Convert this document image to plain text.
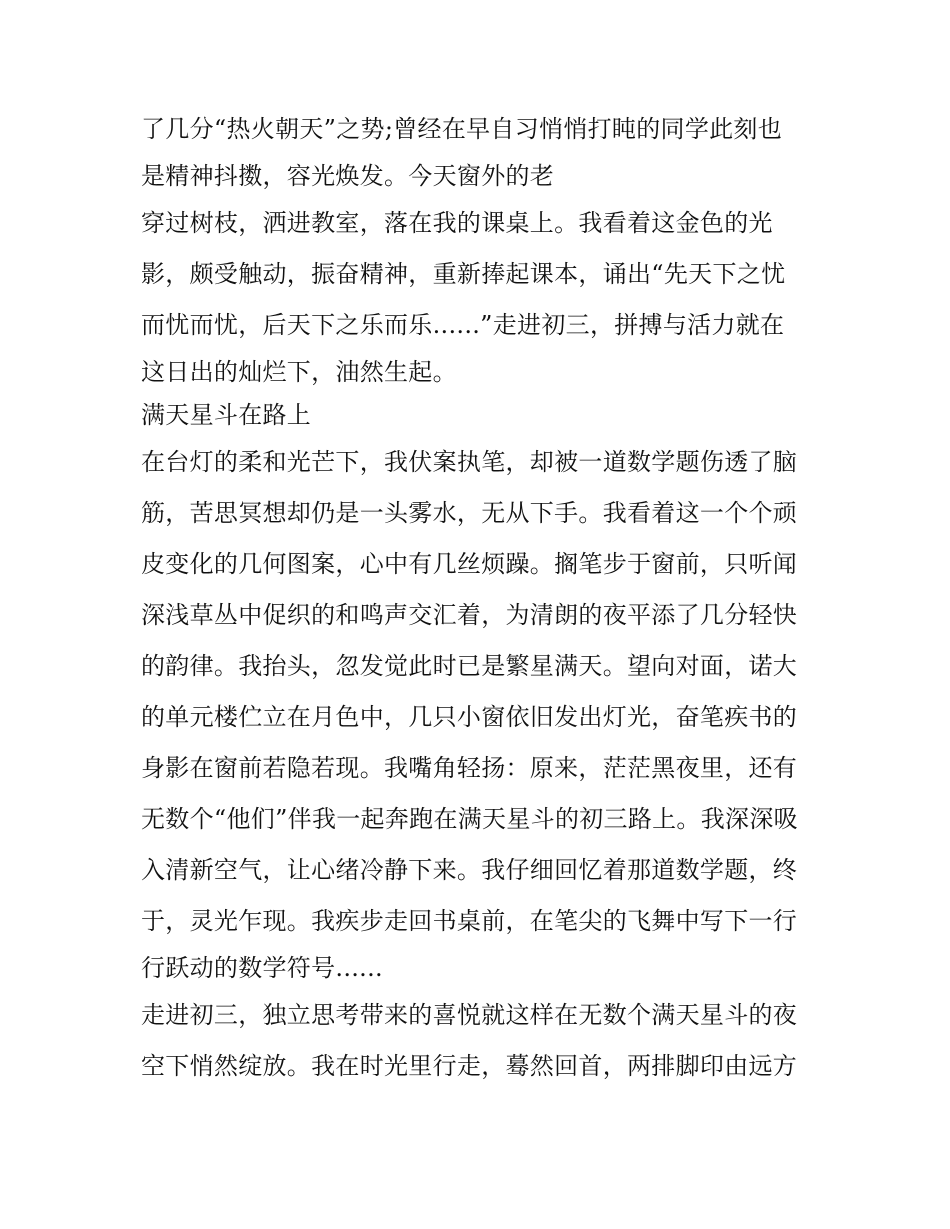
了几分“热火朝天”之势;曾经在早自习悄悄打盹的同学此刻也
是精神抖擞，容光焕发。今天窗外的老
穿过树枝，洒进教室，落在我的课桌上。我看着这金色的光
影，颇受触动，振奋精神，重新捧起课本，诵出“先天下之忧
而忧而忧，后天下之乐而乐......”走进初三，拼搏与活力就在
这日出的灿烂下，油然生起。
满天星斗在路上
在台灯的柔和光芒下，我伏案执笔，却被一道数学题伤透了脑
筋，苦思冥想却仍是一头雾水，无从下手。我看着这一个个顽
皮变化的几何图案，心中有几丝烦躁。搁笔步于窗前，只听闻
深浅草丛中促织的和鸣声交汇着，为清朗的夜平添了几分轻快
的韵律。我抬头，忽发觉此时已是繁星满天。望向对面，诺大
的单元楼伫立在月色中，几只小窗依旧发出灯光，奋笔疾书的
身影在窗前若隐若现。我嘴角轻扬：原来，茫茫黑夜里，还有
无数个“他们”伴我一起奔跑在满天星斗的初三路上。我深深吸
入清新空气，让心绪冷静下来。我仔细回忆着那道数学题，终
于，灵光乍现。我疾步走回书桌前，在笔尖的飞舞中写下一行
行跃动的数学符号......
走进初三，独立思考带来的喜悦就这样在无数个满天星斗的夜
空下悄然绽放。我在时光里行走，蓦然回首，两排脚印由远方
